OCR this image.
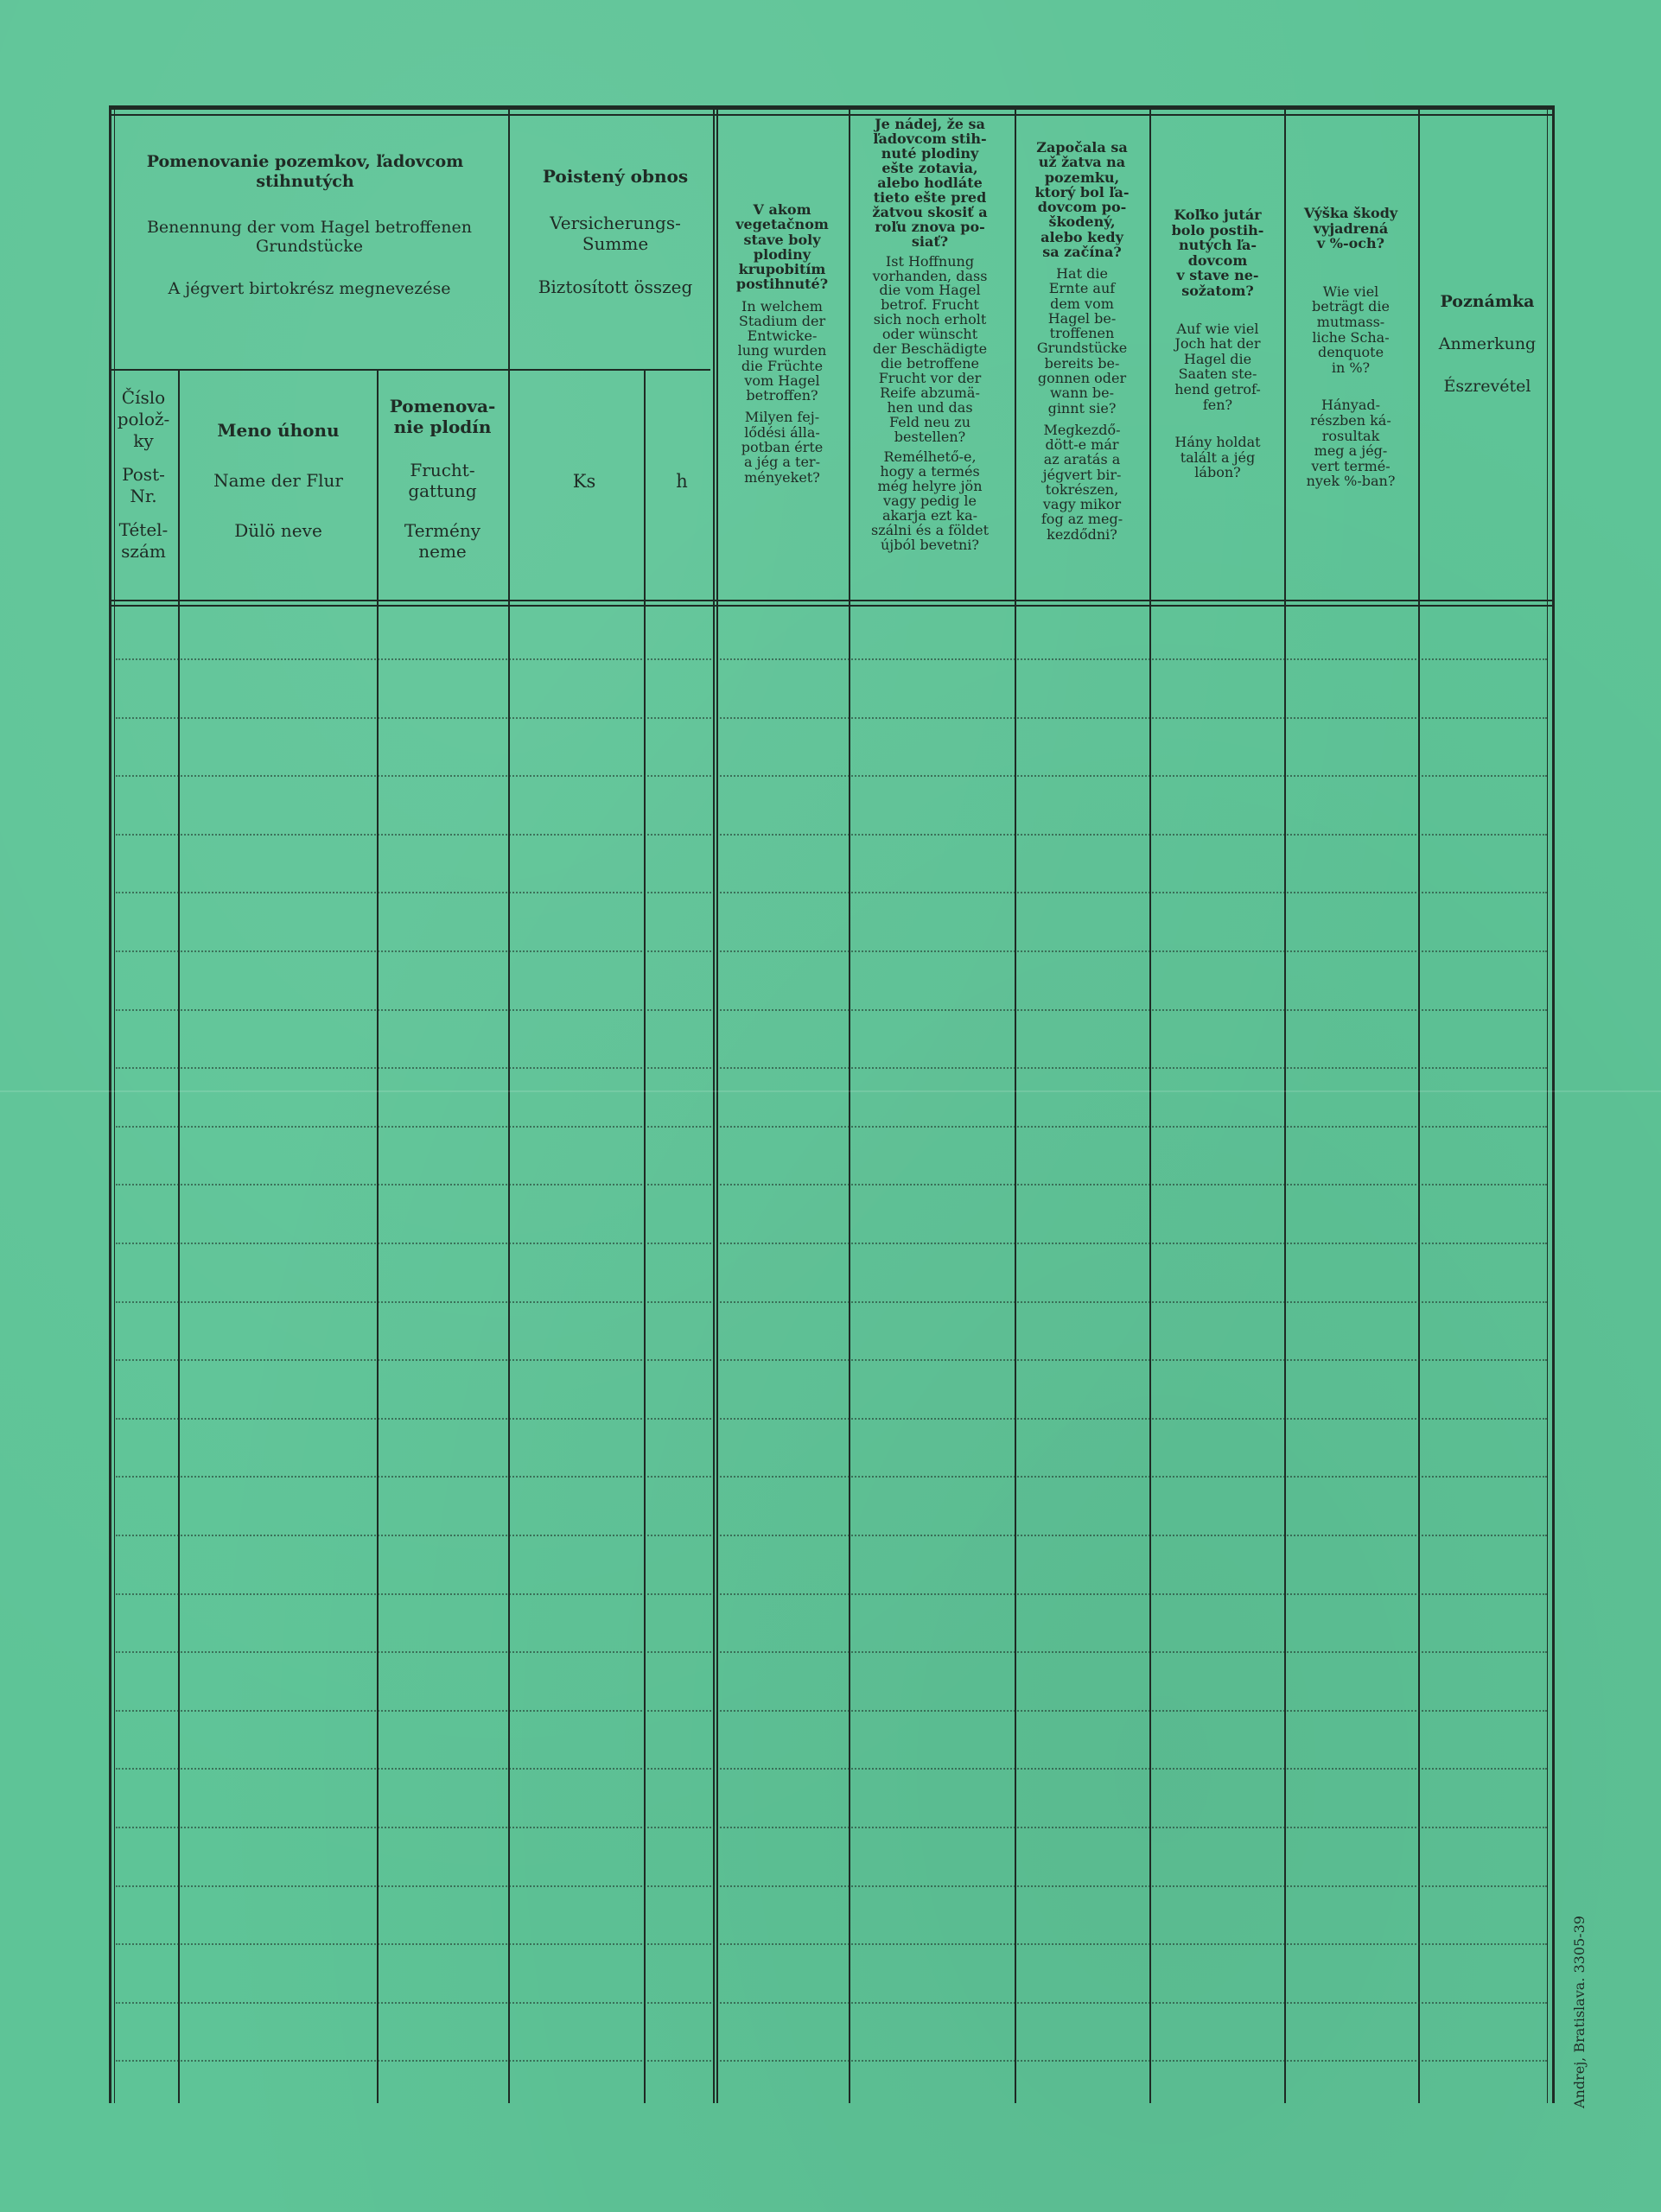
Pomenovanie pozemkov, ľadovcom stihnutých
Benennung der vom Hagel betroffenen Grundstücke
A jégvert birtokrész megnevezése
Číslo
polož-
ky
Post-
Nr.
Tétel-
szám
Meno úhonu
Name der Flur
Dülö neve
Pomenova-
nie plodín
Frucht-
gattung
Termény
neme
Poistený obnos
Versicherungs-
Summe
Biztosított összeg
Ks	h
V akom
vegetačnom
stave boly
plodiny
krupobitím
postihnuté?
In welchem
Stadium der
Entwicke-
lung wurden
die Früchte
vom Hagel
betroffen?
Milyen fej-
lődési álla-
potban érte
a jég a ter-
ményeket?
Je nádej, že sa
ľadovcom stih-
nuté plodiny
ešte zotavia,
alebo hodláte
tieto ešte pred
žatvou skosiť a
roľu znova po-
siať?
Ist Hoffnung
vorhanden, dass
die vom Hagel
betrof. Frucht
sich noch erholt
oder wünscht
der Beschädigte
die betroffene
Frucht vor der
Reife abzumä-
hen und das
Feld neu zu
bestellen?
Remélhető-e,
hogy a termés
még helyre jön
vagy pedig le
akarja ezt ka-
szálni és a földet
újból bevetni?
Započala sa
už žatva na
pozemku,
ktorý bol ľa-
dovcom po-
škodený,
alebo kedy
sa začína?
Hat die
Ernte auf
dem vom
Hagel be-
troffenen
Grundstücke
bereits be-
gonnen oder
wann be-
ginnt sie?
Megkezdő-
dött-e már
az aratás a
jégvert bir-
tokrészen,
vagy mikor
fog az meg-
kezdődni?
Koľko jutár
bolo postih-
nutých ľa-
dovcom
v stave ne-
sožatom?
Auf wie viel
Joch hat der
Hagel die
Saaten ste-
hend getrof-
fen?
Hány holdat
talált a jég
lábon?
Výška škody
vyjadrená
v %-och?
Wie viel
beträgt die
mutmass-
liche Scha-
denquote
in %?
Hányad-
részben ká-
rosultak
meg a jég-
vert termé-
nyek %-ban?
Poznámka
Anmerkung
Észrevétel
Andrej, Bratislava. 3305-39
